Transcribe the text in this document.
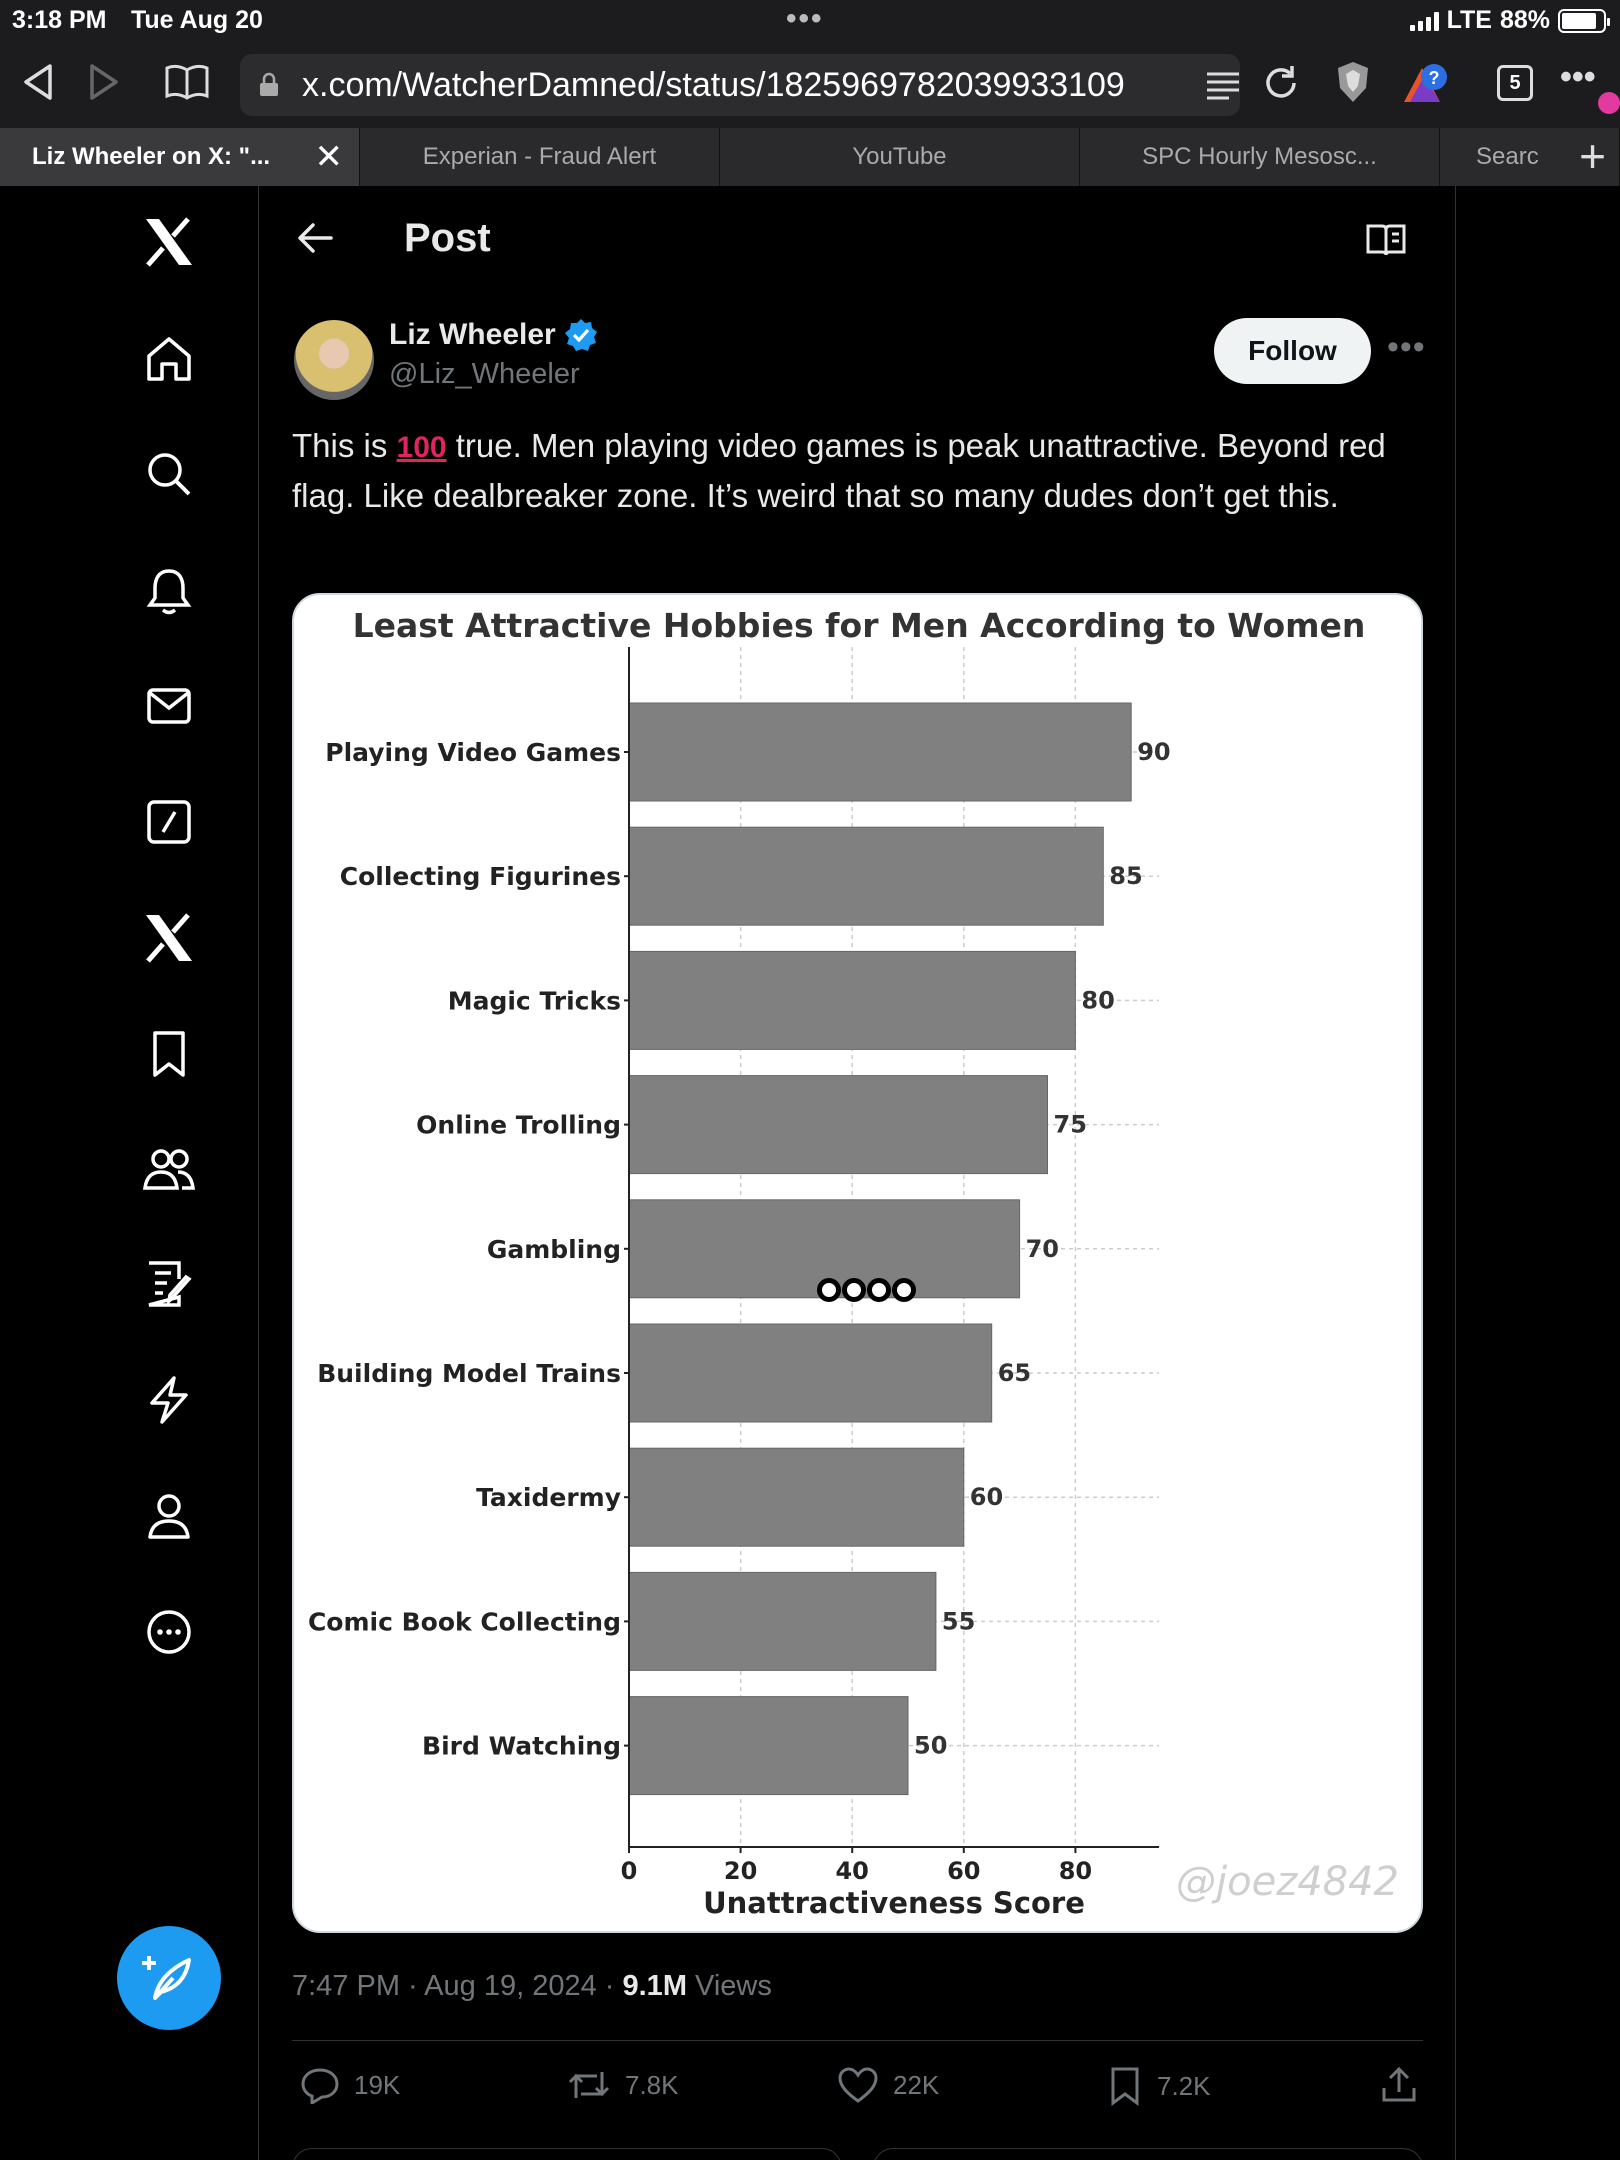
3:18 PM Tue Aug 20	•••	LTE 88%
x.com/WatcherDamned/status/1825969782039933109	?	5	•••
Liz Wheeler on X: "... ✕	Experian - Fraud Alert	YouTube	SPC Hourly Mesosc...	Searc +
Post
Liz Wheeler
@Liz_Wheeler
Follow	•••
This is 100 true. Men playing video games is peak unattractive. Beyond red flag. Like dealbreaker zone. It’s weird that so many dudes don’t get this.
Least Attractive Hobbies for Men According to Women
Playing Video Games	90
Collecting Figurines	85
Magic Tricks	80
Online Trolling	75
Gambling	70
Building Model Trains	65
Taxidermy	60
Comic Book Collecting	55
Bird Watching	50
0	20	40	60	80
Unattractiveness Score @joez4842
7:47 PM · Aug 19, 2024 · 9.1M Views
19K	7.8K	22K	7.2K
